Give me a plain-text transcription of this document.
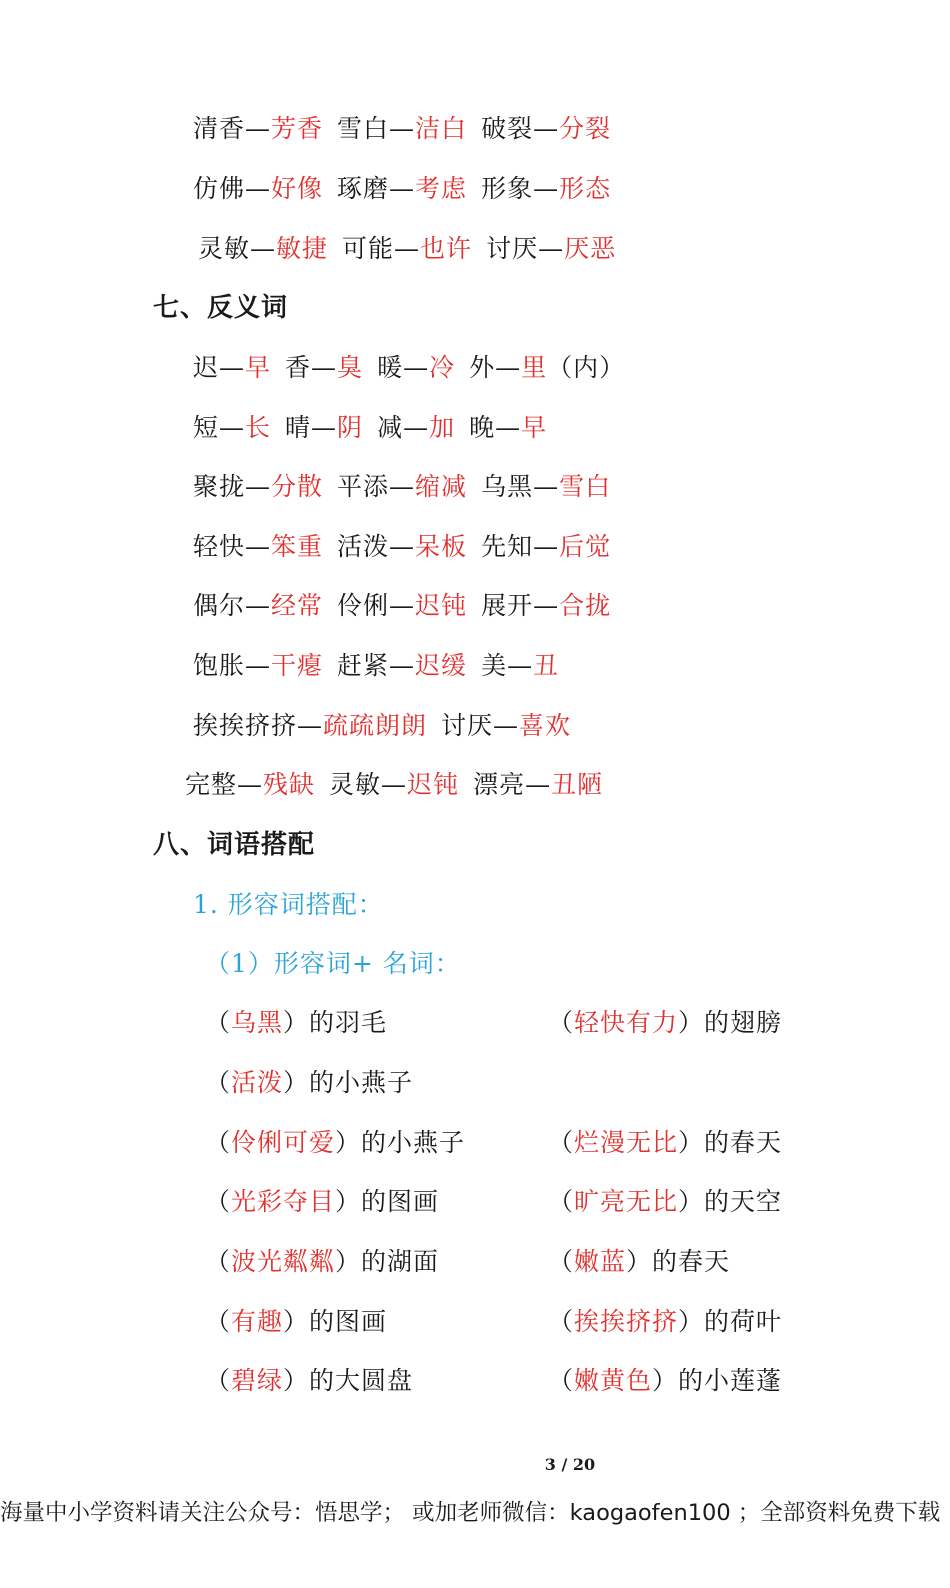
清香—芳香 雪白—洁白 破裂—分裂
仿佛—好像 琢磨—考虑 形象—形态
灵敏—敏捷 可能—也许 讨厌—厌恶
七、反义词
迟—早 香—臭 暖—冷 外—里（内）
短—长 晴—阴 减—加 晚—早
聚拢—分散 平添—缩减 乌黑—雪白
轻快—笨重 活泼—呆板 先知—后觉
偶尔—经常 伶俐—迟钝 展开—合拢
饱胀—干瘪 赶紧—迟缓 美—丑
挨挨挤挤—疏疏朗朗 讨厌—喜欢
完整—残缺 灵敏—迟钝 漂亮—丑陋
八、词语搭配
1. 形容词搭配：
（1）形容词+ 名词：
（乌黑）的羽毛	（轻快有力）的翅膀
（活泼）的小燕子
（伶俐可爱）的小燕子	（烂漫无比）的春天
（光彩夺目）的图画	（旷亮无比）的天空
（波光粼粼）的湖面	（嫩蓝）的春天
（有趣）的图画	（挨挨挤挤）的荷叶
（碧绿）的大圆盘	（嫩黄色）的小莲蓬
3 / 20
海量中小学资料请关注公众号：悟思学； 或加老师微信：kaogaofen100 ；全部资料免费下载
